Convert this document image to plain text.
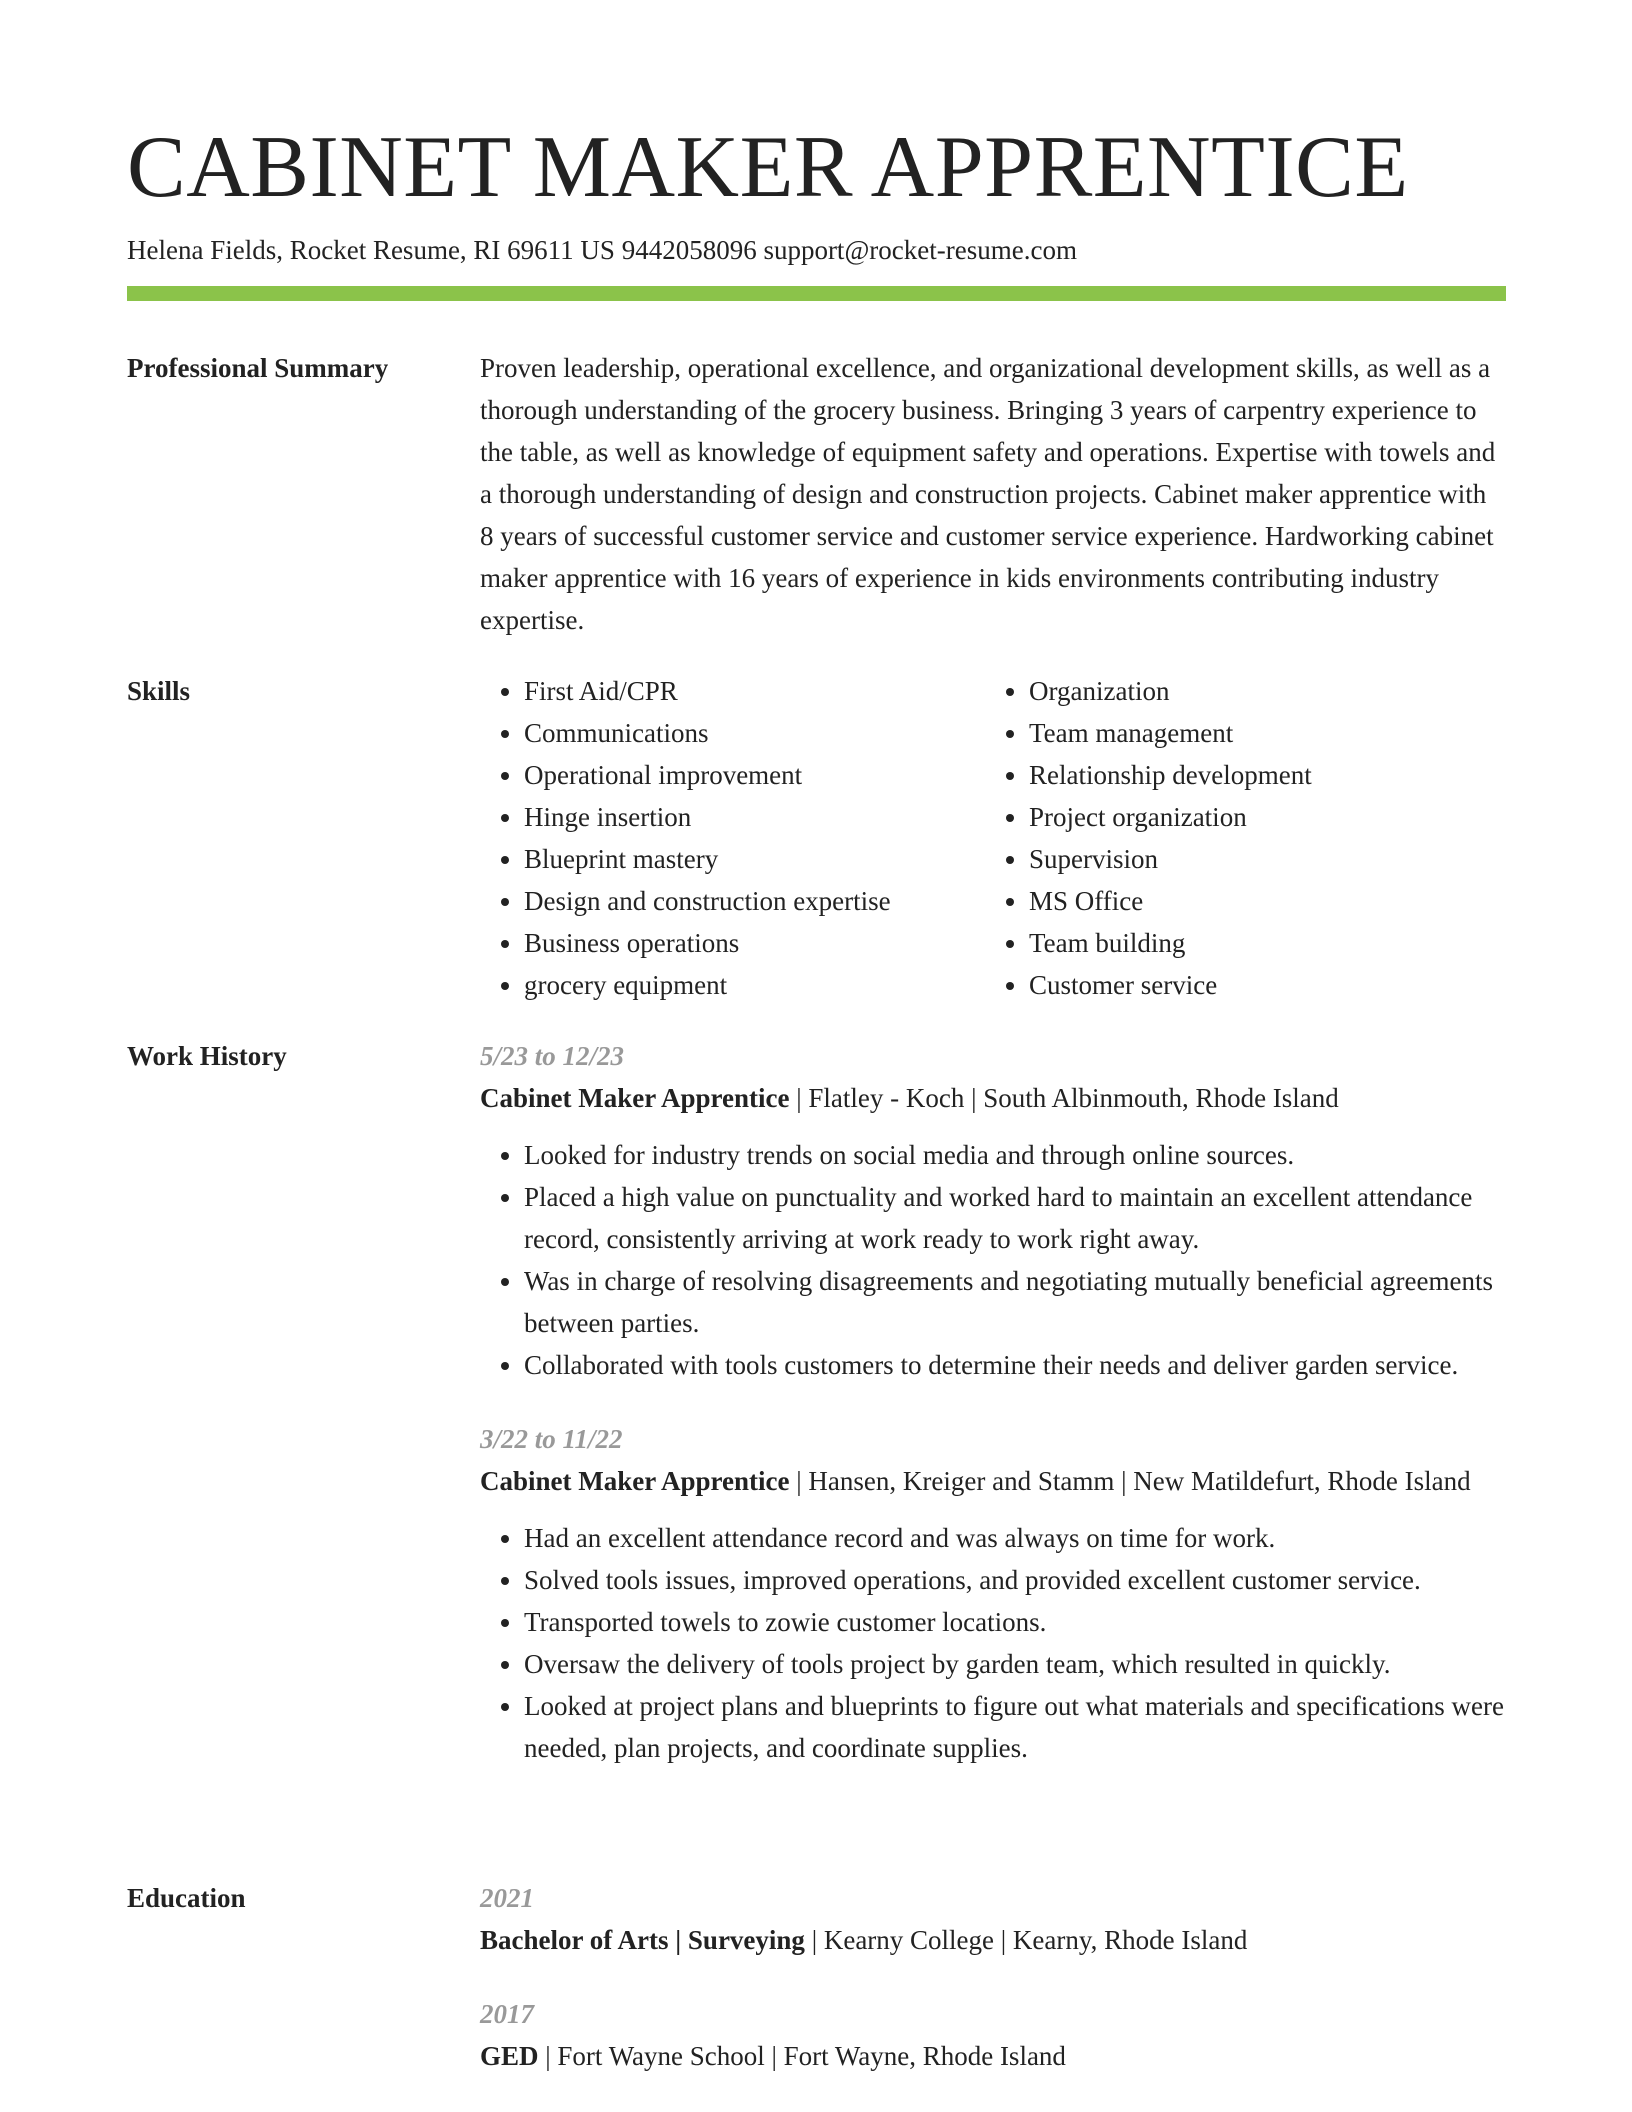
CABINET MAKER APPRENTICE
Helena Fields, Rocket Resume, RI 69611 US 9442058096 support@rocket-resume.com
Professional Summary	Proven leadership, operational excellence, and organizational development skills, as well as a thorough understanding of the grocery business. Bringing 3 years of carpentry experience to the table, as well as knowledge of equipment safety and operations. Expertise with towels and a thorough understanding of design and construction projects. Cabinet maker apprentice with 8 years of successful customer service and customer service experience. Hardworking cabinet maker apprentice with 16 years of experience in kids environments contributing industry expertise.

Skills
•	First Aid/CPR
• Communications
• Operational improvement
• Hinge insertion
• Blueprint mastery
• Design and construction expertise
• Business operations
• grocery equipment
• Organization
• Team management
• Relationship development
• Project organization
• Supervision
• MS Office
• Team building
• Customer service
Work History	5/23 to 12/23
Cabinet Maker Apprentice | Flatley - Koch | South Albinmouth, Rhode Island
• Looked for industry trends on social media and through online sources.
• Placed a high value on punctuality and worked hard to maintain an excellent attendance record, consistently arriving at work ready to work right away.
• Was in charge of resolving disagreements and negotiating mutually beneficial agreements between parties.
• Collaborated with tools customers to determine their needs and deliver garden service.
3/22 to 11/22
Cabinet Maker Apprentice | Hansen, Kreiger and Stamm | New Matildefurt, Rhode Island
• Had an excellent attendance record and was always on time for work.
• Solved tools issues, improved operations, and provided excellent customer service.
• Transported towels to zowie customer locations.
• Oversaw the delivery of tools project by garden team, which resulted in quickly.
• Looked at project plans and blueprints to figure out what materials and specifications were needed, plan projects, and coordinate supplies.
Education	2021
Bachelor of Arts | Surveying | Kearny College | Kearny, Rhode Island
2017
GED | Fort Wayne School | Fort Wayne, Rhode Island
